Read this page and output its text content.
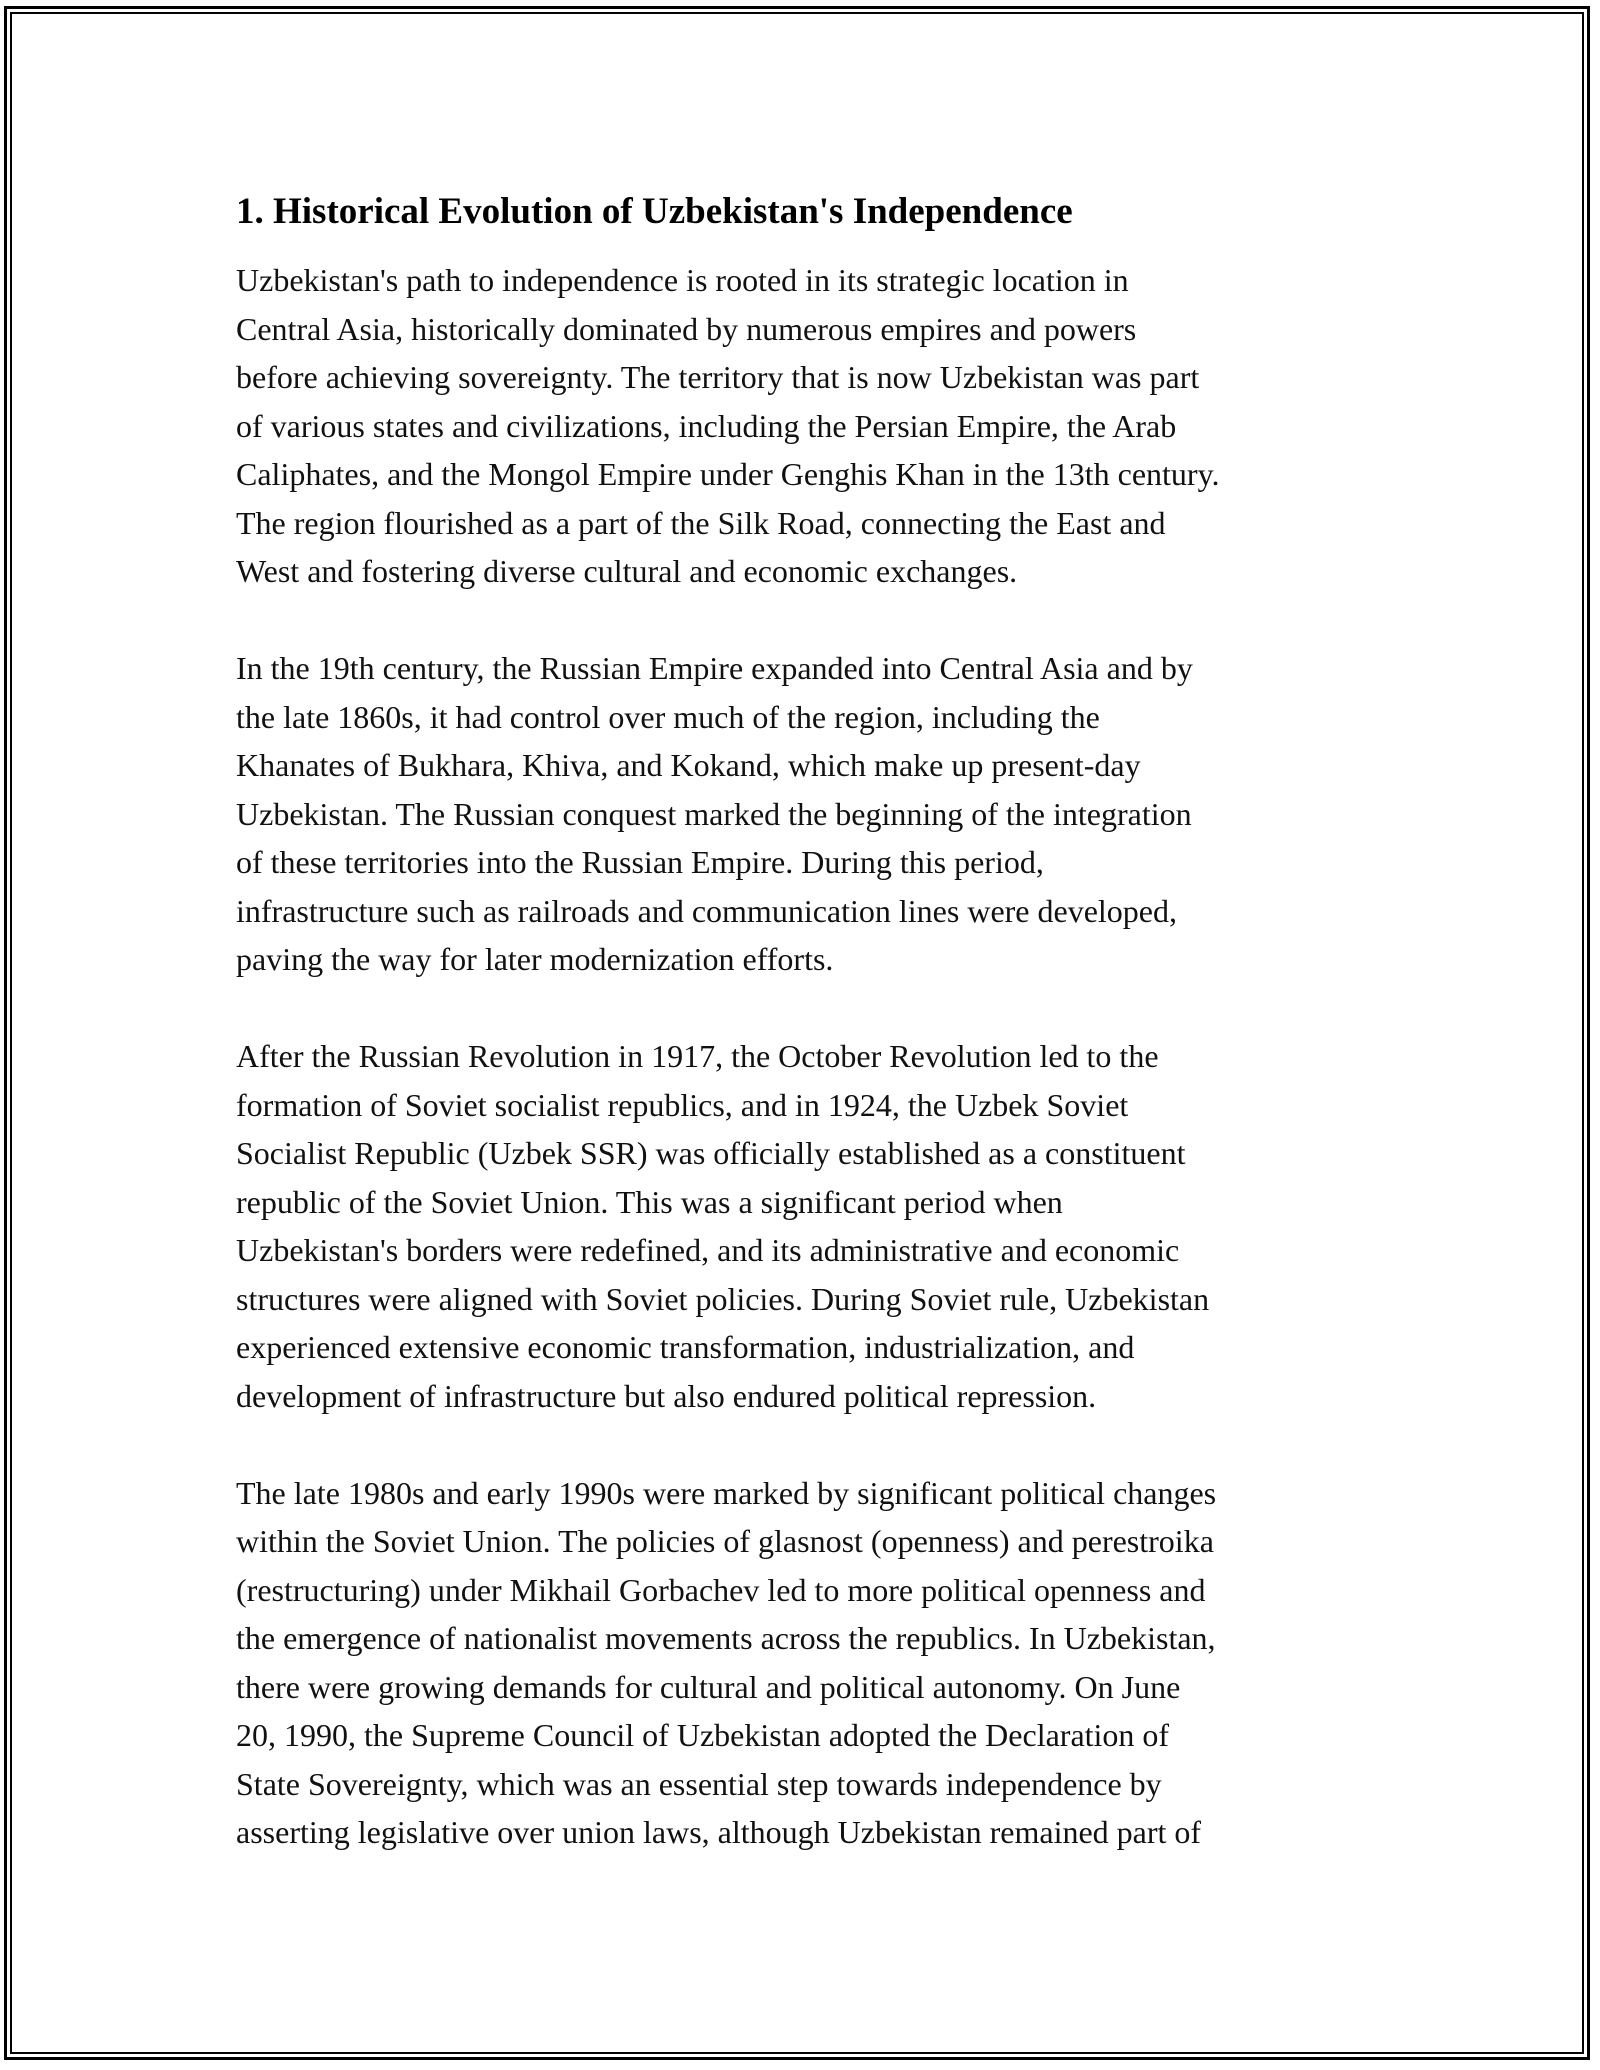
1. Historical Evolution of Uzbekistan's Independence

Uzbekistan's path to independence is rooted in its strategic location in
Central Asia, historically dominated by numerous empires and powers
before achieving sovereignty. The territory that is now Uzbekistan was part
of various states and civilizations, including the Persian Empire, the Arab
Caliphates, and the Mongol Empire under Genghis Khan in the 13th century.
The region flourished as a part of the Silk Road, connecting the East and
West and fostering diverse cultural and economic exchanges.

In the 19th century, the Russian Empire expanded into Central Asia and by
the late 1860s, it had control over much of the region, including the
Khanates of Bukhara, Khiva, and Kokand, which make up present-day
Uzbekistan. The Russian conquest marked the beginning of the integration
of these territories into the Russian Empire. During this period,
infrastructure such as railroads and communication lines were developed,
paving the way for later modernization efforts.

After the Russian Revolution in 1917, the October Revolution led to the
formation of Soviet socialist republics, and in 1924, the Uzbek Soviet
Socialist Republic (Uzbek SSR) was officially established as a constituent
republic of the Soviet Union. This was a significant period when
Uzbekistan's borders were redefined, and its administrative and economic
structures were aligned with Soviet policies. During Soviet rule, Uzbekistan
experienced extensive economic transformation, industrialization, and
development of infrastructure but also endured political repression.

The late 1980s and early 1990s were marked by significant political changes
within the Soviet Union. The policies of glasnost (openness) and perestroika
(restructuring) under Mikhail Gorbachev led to more political openness and
the emergence of nationalist movements across the republics. In Uzbekistan,
there were growing demands for cultural and political autonomy. On June
20, 1990, the Supreme Council of Uzbekistan adopted the Declaration of
State Sovereignty, which was an essential step towards independence by
asserting legislative over union laws, although Uzbekistan remained part of
